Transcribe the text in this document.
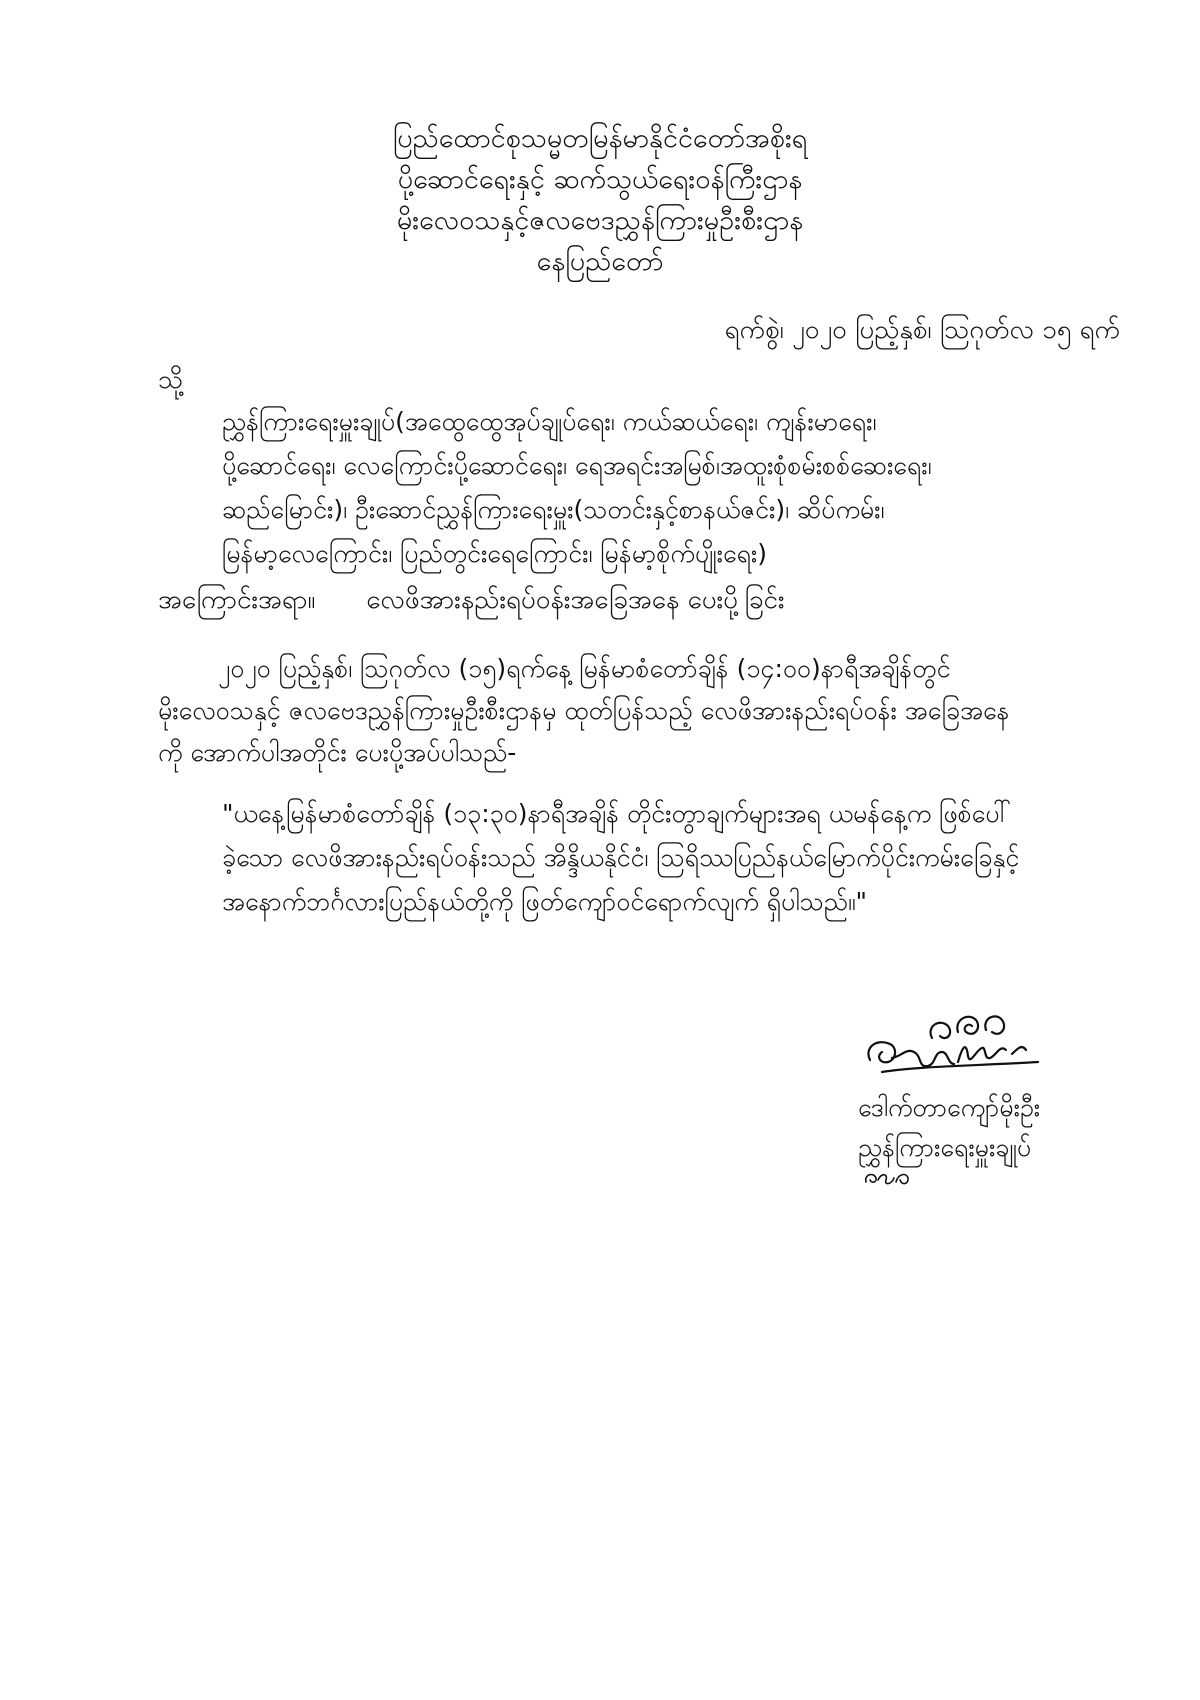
ပြည်ထောင်စုသမ္မတမြန်မာနိုင်ငံတော်အစိုးရ
ပို့ဆောင်ရေးနှင့် ဆက်သွယ်ရေးဝန်ကြီးဌာန
မိုးလေဝသနှင့်ဇလဗေဒညွှန်ကြားမှုဦးစီးဌာန
နေပြည်တော်
ရက်စွဲ၊ ၂၀၂၀ ပြည့်နှစ်၊ ဩဂုတ်လ ၁၅ ရက်
သို့
ညွှန်ကြားရေးမှူးချုပ်(အထွေထွေအုပ်ချုပ်ရေး၊ ကယ်ဆယ်ရေး၊ ကျန်းမာရေး၊
ပို့ဆောင်ရေး၊ လေကြောင်းပို့ဆောင်ရေး၊ ရေအရင်းအမြစ်၊အထူးစုံစမ်းစစ်ဆေးရေး၊
ဆည်မြောင်း)၊ ဦးဆောင်ညွှန်ကြားရေးမှူး(သတင်းနှင့်စာနယ်ဇင်း)၊ ဆိပ်ကမ်း၊
မြန်မာ့လေကြောင်း၊ ပြည်တွင်းရေကြောင်း၊ မြန်မာ့စိုက်ပျိုးရေး)
အကြောင်းအရာ။ လေဖိအားနည်းရပ်ဝန်းအခြေအနေ ပေးပို့ခြင်း
၂၀၂၀ ပြည့်နှစ်၊ ဩဂုတ်လ (၁၅)ရက်နေ့ မြန်မာစံတော်ချိန် (၁၄:၀၀)နာရီအချိန်တွင်
မိုးလေဝသနှင့် ဇလဗေဒညွှန်ကြားမှုဦးစီးဌာနမှ ထုတ်ပြန်သည့် လေဖိအားနည်းရပ်ဝန်း အခြေအနေ
ကို အောက်ပါအတိုင်း ပေးပို့အပ်ပါသည်-
"ယနေ့မြန်မာစံတော်ချိန် (၁၃:၃၀)နာရီအချိန် တိုင်းတွာချက်များအရ ယမန်နေ့က ဖြစ်ပေါ်
ခဲ့သော လေဖိအားနည်းရပ်ဝန်းသည် အိန္ဒိယနိုင်ငံ၊ ဩရိဿပြည်နယ်မြောက်ပိုင်းကမ်းခြေနှင့်
အနောက်ဘင်္ဂလားပြည်နယ်တို့ကို ဖြတ်ကျော်ဝင်ရောက်လျက် ရှိပါသည်။"
ဒေါက်တာကျော်မိုးဦး
ညွှန်ကြားရေးမှူးချုပ်
